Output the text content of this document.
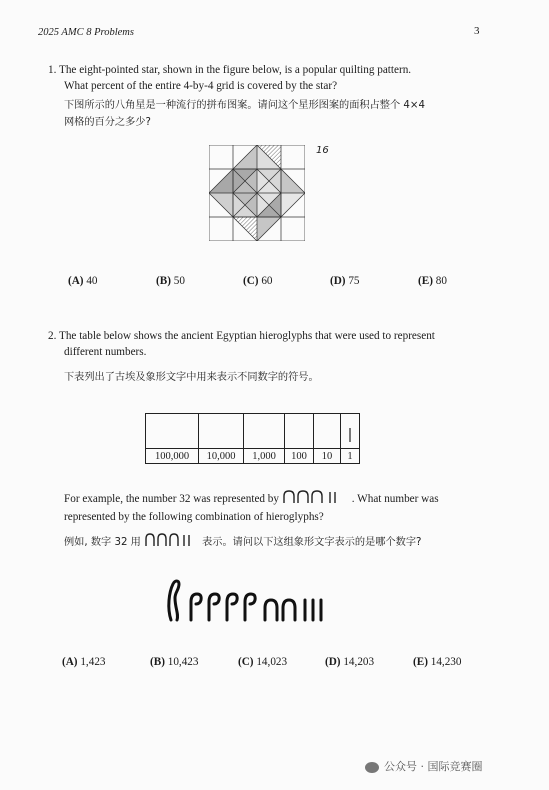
2025 AMC 8 Problems	3
1. The eight-pointed star, shown in the figure below, is a popular quilting pattern.
What percent of the entire 4-by-4 grid is covered by the star?
下图所示的八角星是一种流行的拼布图案。请问这个星形图案的面积占整个 4×4
网格的百分之多少?
16
(A) 40	(B) 50	(C) 60	(D) 75	(E) 80
2. The table below shows the ancient Egyptian hieroglyphs that were used to represent
different numbers.
下表列出了古埃及象形文字中用来表示不同数字的符号。

100,000	10,000	1,000	100	10	1
For example, the number 32 was represented by	. What number was
represented by the following combination of hieroglyphs?
例如, 数字 32 用	表示。请问以下这组象形文字表示的是哪个数字?
(A) 1,423	(B) 10,423	(C) 14,023	(D) 14,203	(E) 14,230
公众号 · 国际竞赛圈
